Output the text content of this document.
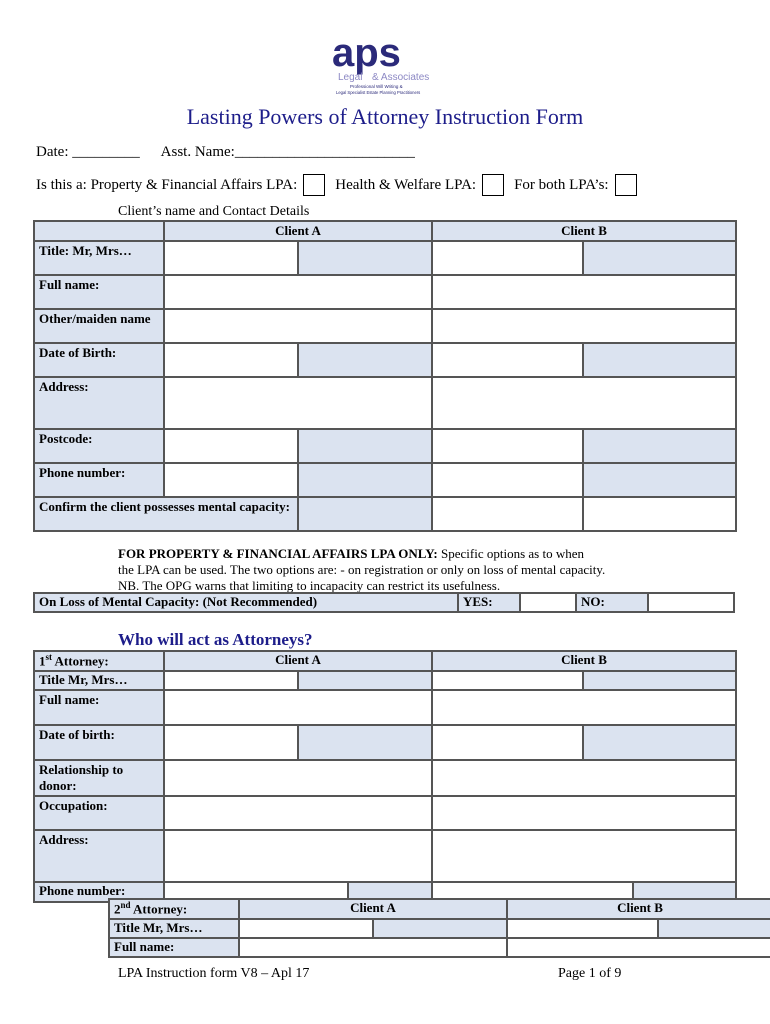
aps
Legal & Associates
Professional Will Writing &
Legal Specialist Estate Planning Practitioners
Lasting Powers of Attorney Instruction Form
Date: _________ Asst. Name:________________________
Is this a: Property & Financial Affairs LPA:	Health & Welfare LPA:	For both LPA’s:
Client’s name and Contact Details
	Client A		Client B	
Title: Mr, Mrs…				
Full name:				
Other/maiden name				
Date of Birth:				
Address:				
Postcode:				
Phone number:				
Confirm the client possesses mental capacity:				
FOR PROPERTY & FINANCIAL AFFAIRS LPA ONLY: Specific options as to when
the LPA can be used. The two options are: - on registration or only on loss of mental capacity.
NB. The OPG warns that limiting to incapacity can restrict its usefulness.
On Loss of Mental Capacity: (Not Recommended)	YES:		NO:	
Who will act as Attorneys?
1st Attorney:	Client A			Client B		
Title Mr, Mrs…						
Full name:						
Date of birth:						
Relationship to donor:						
Occupation:						
Address:						
Phone number:						
2nd Attorney:	Client A		Client B	
Title Mr, Mrs…				
Full name:				
LPA Instruction form V8 – Apl 17	Page 1 of 9
